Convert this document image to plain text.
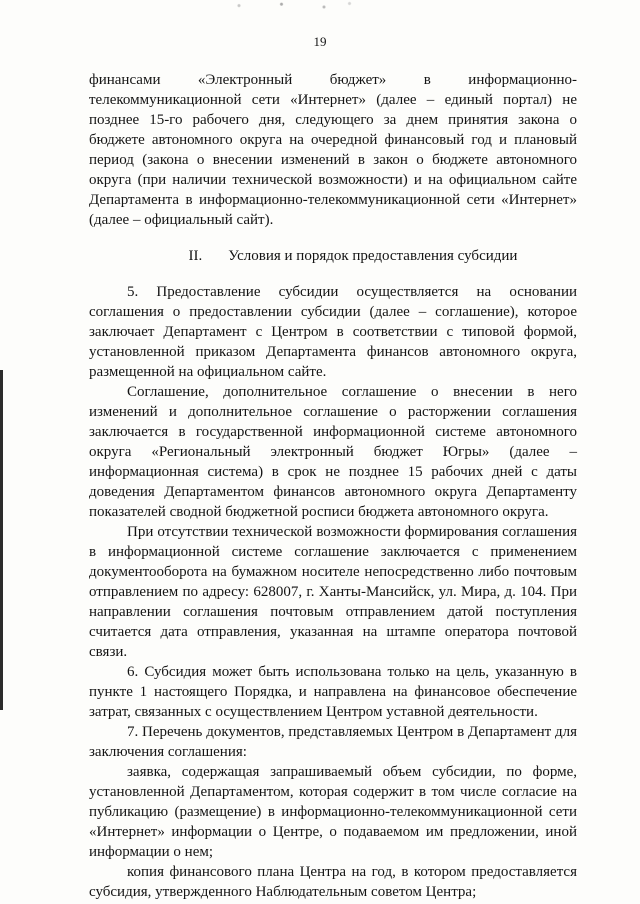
19

финансами «Электронный бюджет» в информационно-телекоммуникационной сети «Интернет» (далее – единый портал) не позднее 15-го рабочего дня, следующего за днем принятия закона о бюджете автономного округа на очередной финансовый год и плановый период (закона о внесении изменений в закон о бюджете автономного округа (при наличии технической возможности) и на официальном сайте Департамента в информационно-телекоммуникационной сети «Интернет» (далее – официальный сайт).

II. Условия и порядок предоставления субсидии

5. Предоставление субсидии осуществляется на основании соглашения о предоставлении субсидии (далее – соглашение), которое заключает Департамент с Центром в соответствии с типовой формой, установленной приказом Департамента финансов автономного округа, размещенной на официальном сайте.

Соглашение, дополнительное соглашение о внесении в него изменений и дополнительное соглашение о расторжении соглашения заключается в государственной информационной системе автономного округа «Региональный электронный бюджет Югры» (далее – информационная система) в срок не позднее 15 рабочих дней с даты доведения Департаментом финансов автономного округа Департаменту показателей сводной бюджетной росписи бюджета автономного округа.

При отсутствии технической возможности формирования соглашения в информационной системе соглашение заключается с применением документооборота на бумажном носителе непосредственно либо почтовым отправлением по адресу: 628007, г. Ханты-Мансийск, ул. Мира, д. 104. При направлении соглашения почтовым отправлением датой поступления считается дата отправления, указанная на штампе оператора почтовой связи.

6. Субсидия может быть использована только на цель, указанную в пункте 1 настоящего Порядка, и направлена на финансовое обеспечение затрат, связанных с осуществлением Центром уставной деятельности.

7. Перечень документов, представляемых Центром в Департамент для заключения соглашения:

заявка, содержащая запрашиваемый объем субсидии, по форме, установленной Департаментом, которая содержит в том числе согласие на публикацию (размещение) в информационно-телекоммуникационной сети «Интернет» информации о Центре, о подаваемом им предложении, иной информации о нем;

копия финансового плана Центра на год, в котором предоставляется субсидия, утвержденного Наблюдательным советом Центра;
